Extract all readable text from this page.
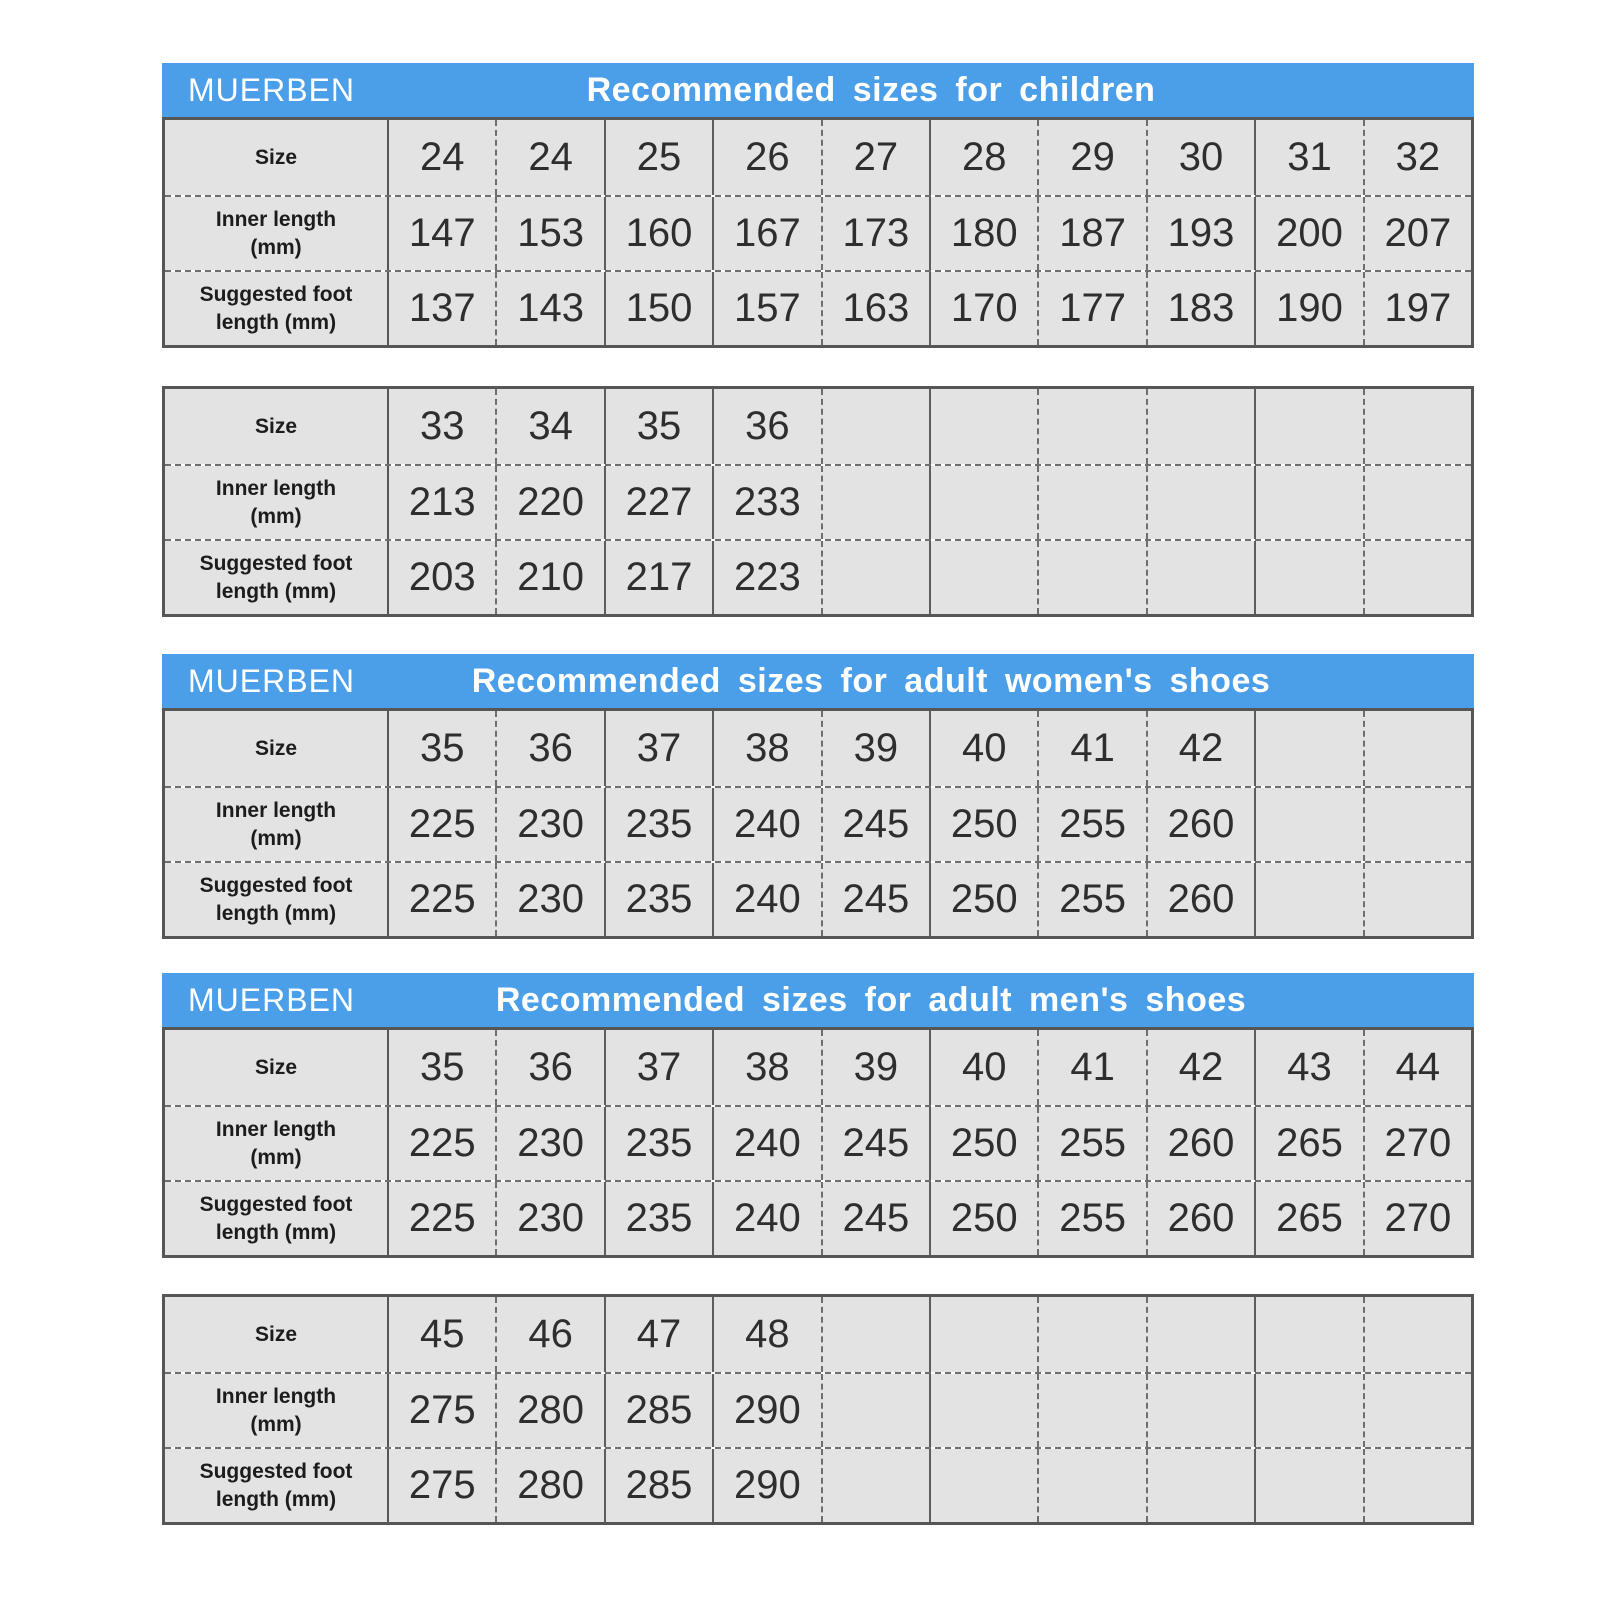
MUERBEN	Recommended sizes for children
Size	24	24	25	26	27	28	29	30	31	32
Inner length
(mm)	147	153	160	167	173	180	187	193	200	207
Suggested foot
length (mm)	137	143	150	157	163	170	177	183	190	197
Size	33	34	35	36
Inner length
(mm)	213	220	227	233
Suggested foot
length (mm)	203	210	217	223
MUERBEN	Recommended sizes for adult women's shoes
Size	35	36	37	38	39	40	41	42
Inner length
(mm)	225	230	235	240	245	250	255	260
Suggested foot
length (mm)	225	230	235	240	245	250	255	260
MUERBEN	Recommended sizes for adult men's shoes
Size	35	36	37	38	39	40	41	42	43	44
Inner length
(mm)	225	230	235	240	245	250	255	260	265	270
Suggested foot
length (mm)	225	230	235	240	245	250	255	260	265	270
Size	45	46	47	48
Inner length
(mm)	275	280	285	290
Suggested foot
length (mm)	275	280	285	290
